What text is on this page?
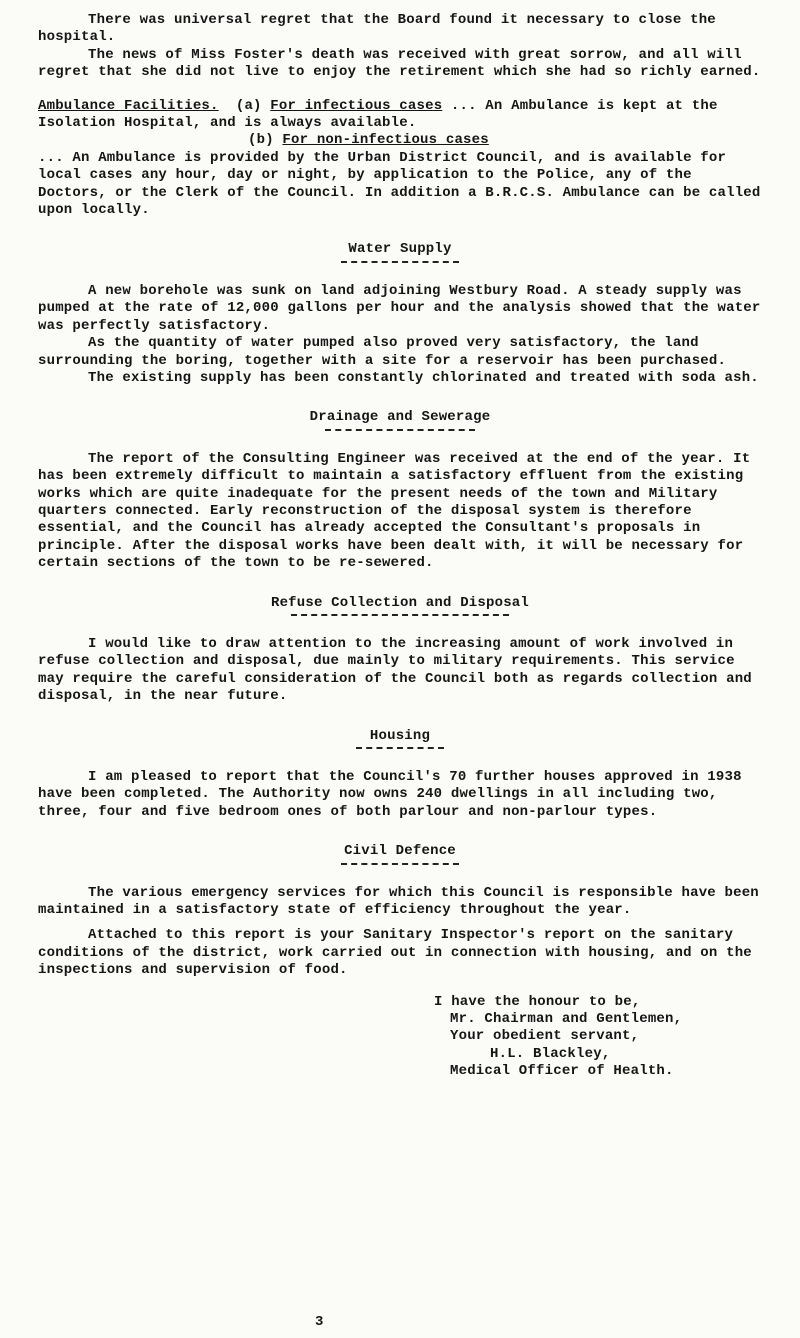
There was universal regret that the Board found it necessary to close the hospital.

The news of Miss Foster's death was received with great sorrow, and all will regret that she did not live to enjoy the retirement which she had so richly earned.

Ambulance Facilities. (a) For infectious cases ... An Ambulance is kept at the Isolation Hospital, and is always available.

(b) For non-infectious cases

... An Ambulance is provided by the Urban District Council, and is available for local cases any hour, day or night, by application to the Police, any of the Doctors, or the Clerk of the Council. In addition a B.R.C.S. Ambulance can be called upon locally.

Water Supply

A new borehole was sunk on land adjoining Westbury Road. A steady supply was pumped at the rate of 12,000 gallons per hour and the analysis showed that the water was perfectly satisfactory.

As the quantity of water pumped also proved very satisfactory, the land surrounding the boring, together with a site for a reservoir has been purchased.

The existing supply has been constantly chlorinated and treated with soda ash.

Drainage and Sewerage

The report of the Consulting Engineer was received at the end of the year. It has been extremely difficult to maintain a satisfactory effluent from the existing works which are quite inadequate for the present needs of the town and Military quarters connected. Early reconstruction of the disposal system is therefore essential, and the Council has already accepted the Consultant's proposals in principle. After the disposal works have been dealt with, it will be necessary for certain sections of the town to be re-sewered.

Refuse Collection and Disposal

I would like to draw attention to the increasing amount of work involved in refuse collection and disposal, due mainly to military requirements. This service may require the careful consideration of the Council both as regards collection and disposal, in the near future.

Housing

I am pleased to report that the Council's 70 further houses approved in 1938 have been completed. The Authority now owns 240 dwellings in all including two, three, four and five bedroom ones of both parlour and non-parlour types.

Civil Defence

The various emergency services for which this Council is responsible have been maintained in a satisfactory state of efficiency throughout the year.

Attached to this report is your Sanitary Inspector's report on the sanitary conditions of the district, work carried out in connection with housing, and on the inspections and supervision of food.

I have the honour to be,

Mr. Chairman and Gentlemen,

Your obedient servant,

H.L. Blackley,

Medical Officer of Health.

3
